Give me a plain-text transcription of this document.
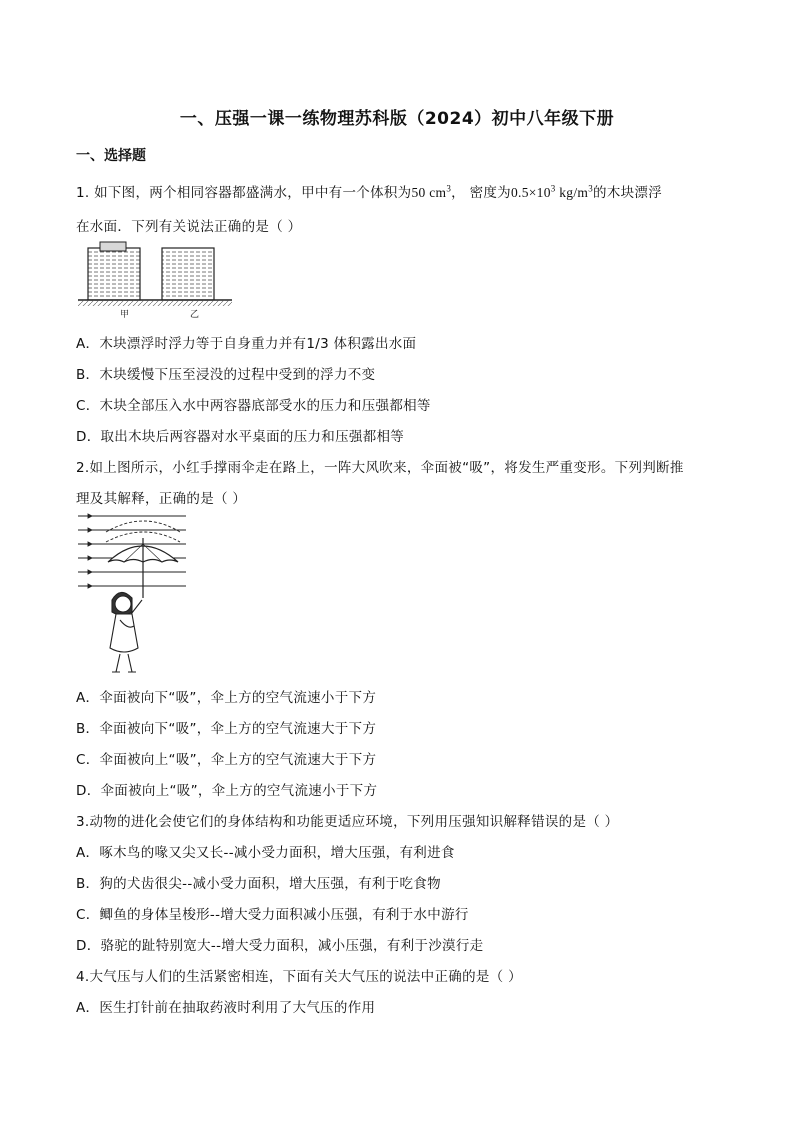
一、压强一课一练物理苏科版（2024）初中八年级下册
一、选择题
1. 如下图，两个相同容器都盛满水，甲中有一个体积为50 $cm^3$， 密度为$0.5\times 10^3$ $kg/m^3$的木块漂浮
在水面．下列有关说法正确的是（ ）
甲	乙
A．木块漂浮时浮力等于自身重力并有1/3 体积露出水面
B．木块缓慢下压至浸没的过程中受到的浮力不变
C．木块全部压入水中两容器底部受水的压力和压强都相等
D．取出木块后两容器对水平桌面的压力和压强都相等
2.如上图所示，小红手撑雨伞走在路上，一阵大风吹来，伞面被“吸”，将发生严重变形。下列判断推
理及其解释，正确的是（ ）
A．伞面被向下“吸”，伞上方的空气流速小于下方
B．伞面被向下“吸”，伞上方的空气流速大于下方
C．伞面被向上“吸”，伞上方的空气流速大于下方
D．伞面被向上“吸”，伞上方的空气流速小于下方
3.动物的进化会使它们的身体结构和功能更适应环境，下列用压强知识解释错误的是（ ）
A．啄木鸟的喙又尖又长--减小受力面积，增大压强，有利进食
B．狗的犬齿很尖--减小受力面积，增大压强，有利于吃食物
C．鲫鱼的身体呈梭形--增大受力面积减小压强，有利于水中游行
D．骆驼的趾特别宽大--增大受力面积，减小压强，有利于沙漠行走
4.大气压与人们的生活紧密相连，下面有关大气压的说法中正确的是（ ）
A．医生打针前在抽取药液时利用了大气压的作用
